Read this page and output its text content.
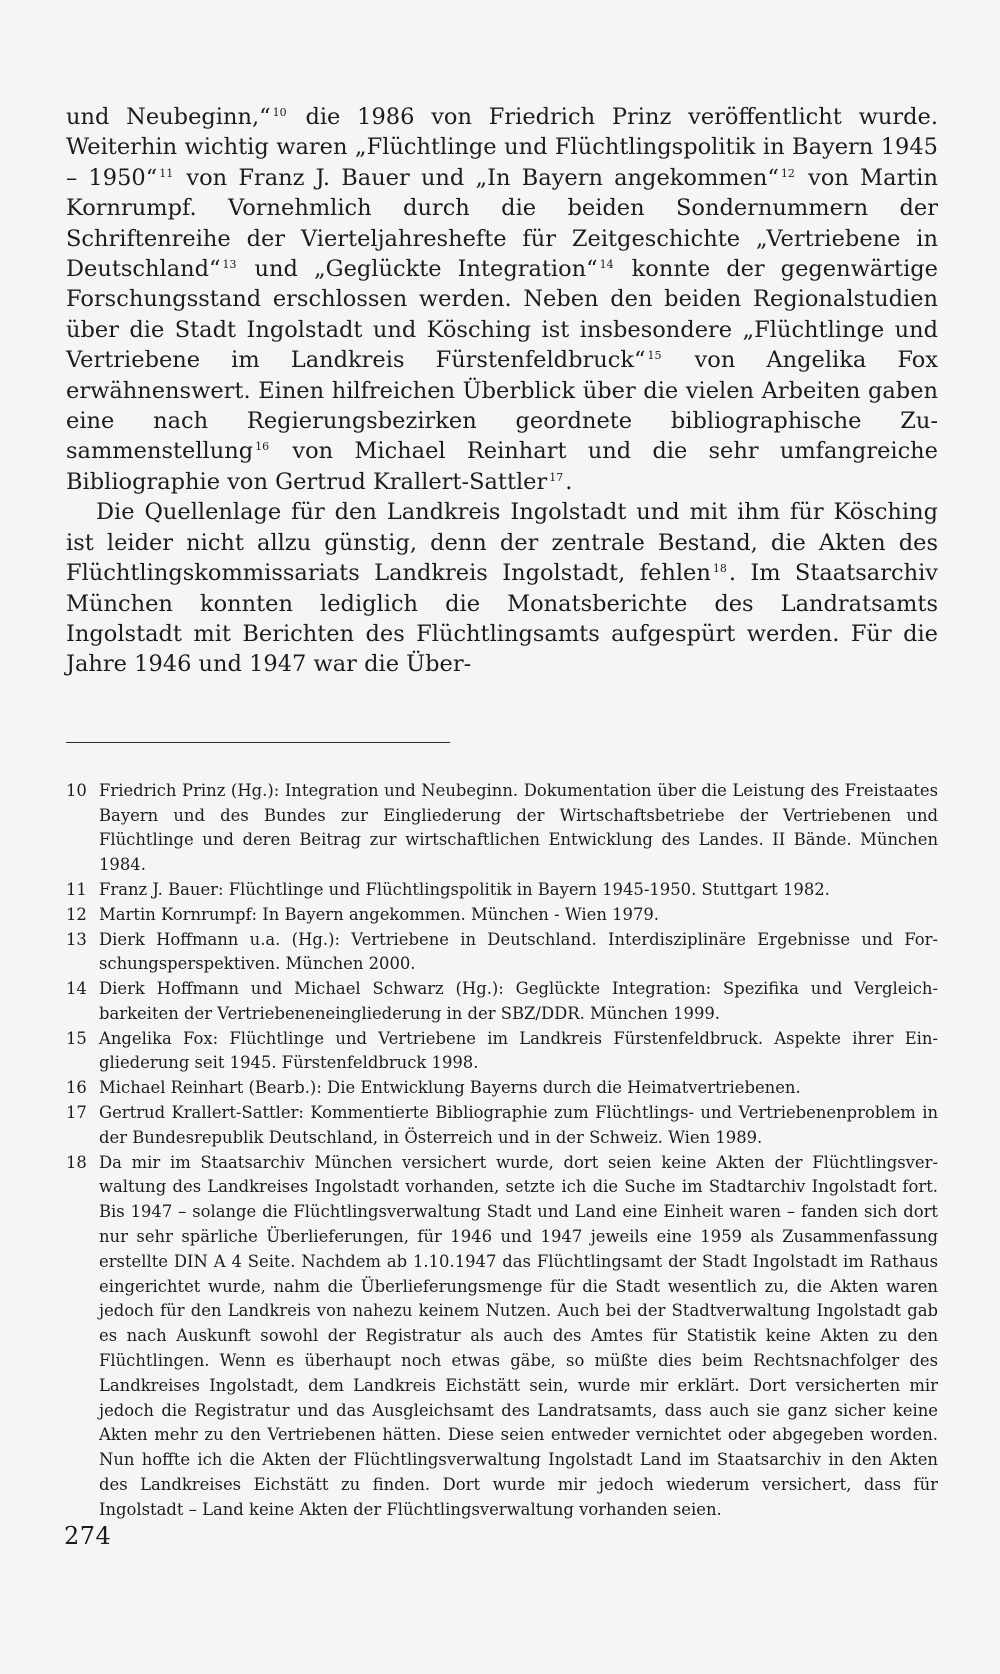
und Neubeginn,“ $^{10}$ die 1986 von Friedrich Prinz veröffentlicht wurde. Weiterhin wichtig waren „Flüchtlinge und Flüchtlingspolitik in Bayern 1945 – 1950“ $^{11}$ von Franz J. Bauer und „In Bayern angekommen“ $^{12}$ von Martin Kornrumpf. Vornehmlich durch die beiden Sondernummern der Schriftenreihe der Vierteljahreshefte für Zeitgeschichte „Vertriebene in Deutschland“ $^{13}$ und „Geglückte Integration“ $^{14}$ konnte der gegenwärtige Forschungsstand erschlossen werden. Neben den beiden Regionalstudien über die Stadt Ingolstadt und Kösching ist insbesondere „Flüchtlinge und Vertriebene im Landkreis Fürstenfeldbruck“ $^{15}$ von Angelika Fox erwähnenswert. Einen hilfreichen Überblick über die vielen Arbeiten gaben eine nach Regierungsbezirken geordnete bibliographische Zusammenstellung $^{16}$ von Michael Reinhart und die sehr umfangreiche Bibliographie von Gertrud Krallert-Sattler $^{17}$.

Die Quellenlage für den Landkreis Ingolstadt und mit ihm für Kösching ist leider nicht allzu günstig, denn der zentrale Bestand, die Akten des Flüchtlingskommissariats Landkreis Ingolstadt, fehlen $^{18}$. Im Staatsarchiv München konnten lediglich die Monatsberichte des Landratsamts Ingolstadt mit Berichten des Flüchtlingsamts aufgespürt werden. Für die Jahre 1946 und 1947 war die Über-

10 Friedrich Prinz (Hg.): Integration und Neubeginn. Dokumentation über die Leistung des Freistaates Bayern und des Bundes zur Eingliederung der Wirtschaftsbetriebe der Vertriebenen und Flüchtlinge und deren Beitrag zur wirtschaftlichen Entwicklung des Landes. II Bände. München 1984.
11 Franz J. Bauer: Flüchtlinge und Flüchtlingspolitik in Bayern 1945-1950. Stuttgart 1982.
12 Martin Kornrumpf: In Bayern angekommen. München - Wien 1979.
13 Dierk Hoffmann u.a. (Hg.): Vertriebene in Deutschland. Interdisziplinäre Ergebnisse und Forschungsperspektiven. München 2000.
14 Dierk Hoffmann und Michael Schwarz (Hg.): Geglückte Integration: Spezifika und Vergleichbarkeiten der Vertriebeneneingliederung in der SBZ/DDR. München 1999.
15 Angelika Fox: Flüchtlinge und Vertriebene im Landkreis Fürstenfeldbruck. Aspekte ihrer Eingliederung seit 1945. Fürstenfeldbruck 1998.
16 Michael Reinhart (Bearb.): Die Entwicklung Bayerns durch die Heimatvertriebenen.
17 Gertrud Krallert-Sattler: Kommentierte Bibliographie zum Flüchtlings- und Vertriebenenproblem in der Bundesrepublik Deutschland, in Österreich und in der Schweiz. Wien 1989.
18 Da mir im Staatsarchiv München versichert wurde, dort seien keine Akten der Flüchtlingsverwaltung des Landkreises Ingolstadt vorhanden, setzte ich die Suche im Stadtarchiv Ingolstadt fort. Bis 1947 – solange die Flüchtlingsverwaltung Stadt und Land eine Einheit waren – fanden sich dort nur sehr spärliche Überlieferungen, für 1946 und 1947 jeweils eine 1959 als Zusammenfassung erstellte DIN A 4 Seite. Nachdem ab 1.10.1947 das Flüchtlingsamt der Stadt Ingolstadt im Rathaus eingerichtet wurde, nahm die Überlieferungsmenge für die Stadt wesentlich zu, die Akten waren jedoch für den Landkreis von nahezu keinem Nutzen. Auch bei der Stadtverwaltung Ingolstadt gab es nach Auskunft sowohl der Registratur als auch des Amtes für Statistik keine Akten zu den Flüchtlingen. Wenn es überhaupt noch etwas gäbe, so müßte dies beim Rechtsnachfolger des Landkreises Ingolstadt, dem Landkreis Eichstätt sein, wurde mir erklärt. Dort versicherten mir jedoch die Registratur und das Ausgleichsamt des Landratsamts, dass auch sie ganz sicher keine Akten mehr zu den Vertriebenen hätten. Diese seien entweder vernichtet oder abgegeben worden. Nun hoffte ich die Akten der Flüchtlingsverwaltung Ingolstadt Land im Staatsarchiv in den Akten des Landkreises Eichstätt zu finden. Dort wurde mir jedoch wiederum versichert, dass für Ingolstadt – Land keine Akten der Flüchtlingsverwaltung vorhanden seien.
274
